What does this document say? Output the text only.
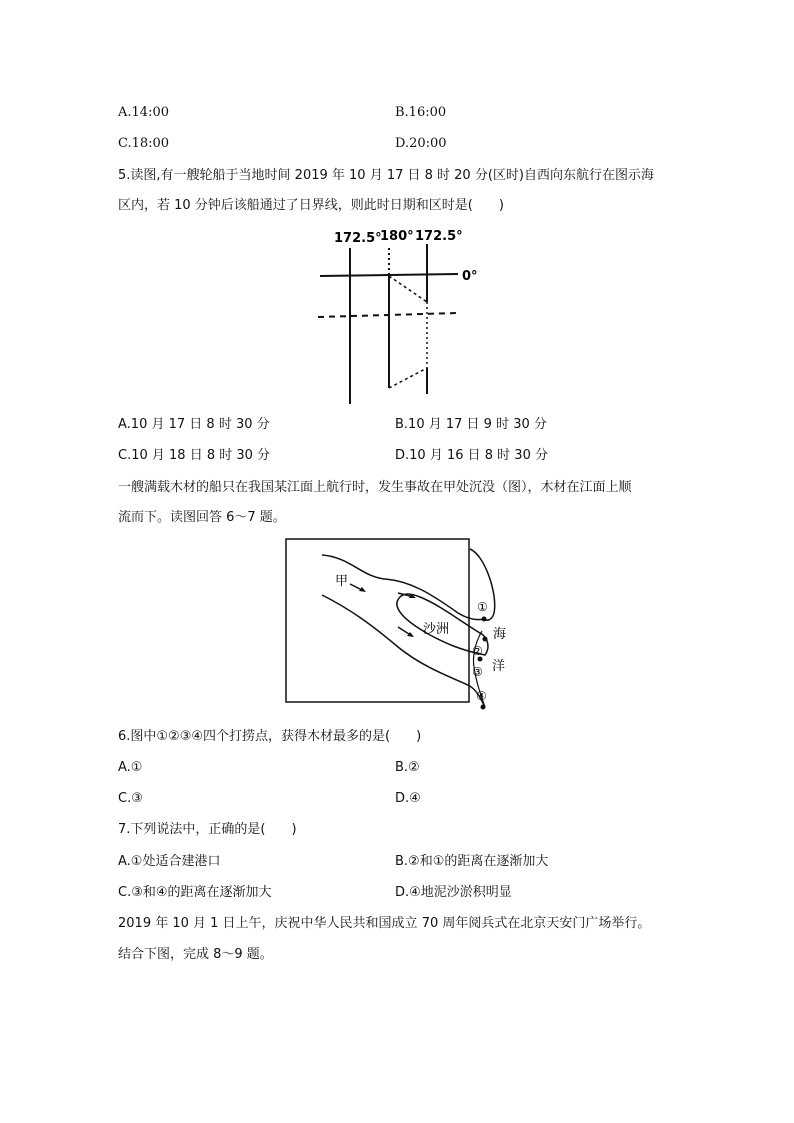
A.14:00	B.16:00
C.18:00	D.20:00
5.读图,有一艘轮船于当地时间 2019 年 10 月 17 日 8 时 20 分(区时)自西向东航行在图示海
区内，若 10 分钟后该船通过了日界线，则此时日期和区时是(　　)
172.5°
180° 172.5°
0°
A.10 月 17 日 8 时 30 分	B.10 月 17 日 9 时 30 分
C.10 月 18 日 8 时 30 分	D.10 月 16 日 8 时 30 分
一艘满载木材的船只在我国某江面上航行时，发生事故在甲处沉没（图），木材在江面上顺
流而下。读图回答 6～7 题。
甲
沙洲	海
洋
①
②
③
④
6.图中①②③④四个打捞点，获得木材最多的是(　　)
A.①	B.②
C.③	D.④
7.下列说法中，正确的是(　　)
A.①处适合建港口	B.②和①的距离在逐渐加大
C.③和④的距离在逐渐加大	D.④地泥沙淤积明显
2019 年 10 月 1 日上午，庆祝中华人民共和国成立 70 周年阅兵式在北京天安门广场举行。
结合下图，完成 8～9 题。
